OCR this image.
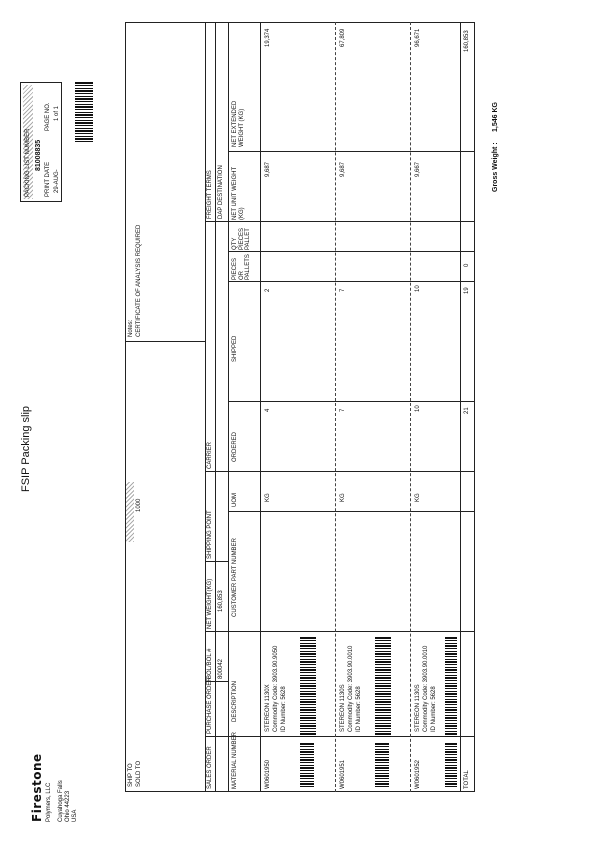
FSIP Packing slip
Firestone Polymers, LLC Cuyahoga Falls Ohio 44223 USA
PACKING LIST NUMBER 81008835
PRINT DATE
PAGE NO.
29-AUG-
1 of 1
SHIP TO SOLD TO
1000
Notes: CERTIFICATE OF ANALYSIS REQUIRED
SALES ORDER
PURCHASE ORDER
BOL/BOL #
NET WEIGHT(KG)
SHIPPING POINT
CARRIER
FREIGHT TERMS
800042
160,853
DAP DESTINATION
MATERIAL NUMBER
DESCRIPTION
CUSTOMER PART NUMBER
UOM
ORDERED
SHIPPED
PIECES OR PALLETS
QTY PIECES PALLET
NET UNIT WEIGHT (KG)
NET EXTENDED WEIGHT (KG)
W0601950
STEREON 1130X Commodity Code: 3903.90.9050 ID Number: 5628
KG
4
2
9,687
19,374
W0601951
STEREON 1130S Commodity Code: 3903.90.0010 ID Number: 5628
KG
7
7
9,687
67,809
W0601952
STEREON 1130S Commodity Code: 3903.90.0010 ID Number: 5628
KG
10
10
9,667
96,671
TOTAL
21
19
0
160,853
Gross Weight :
1,546 KG
